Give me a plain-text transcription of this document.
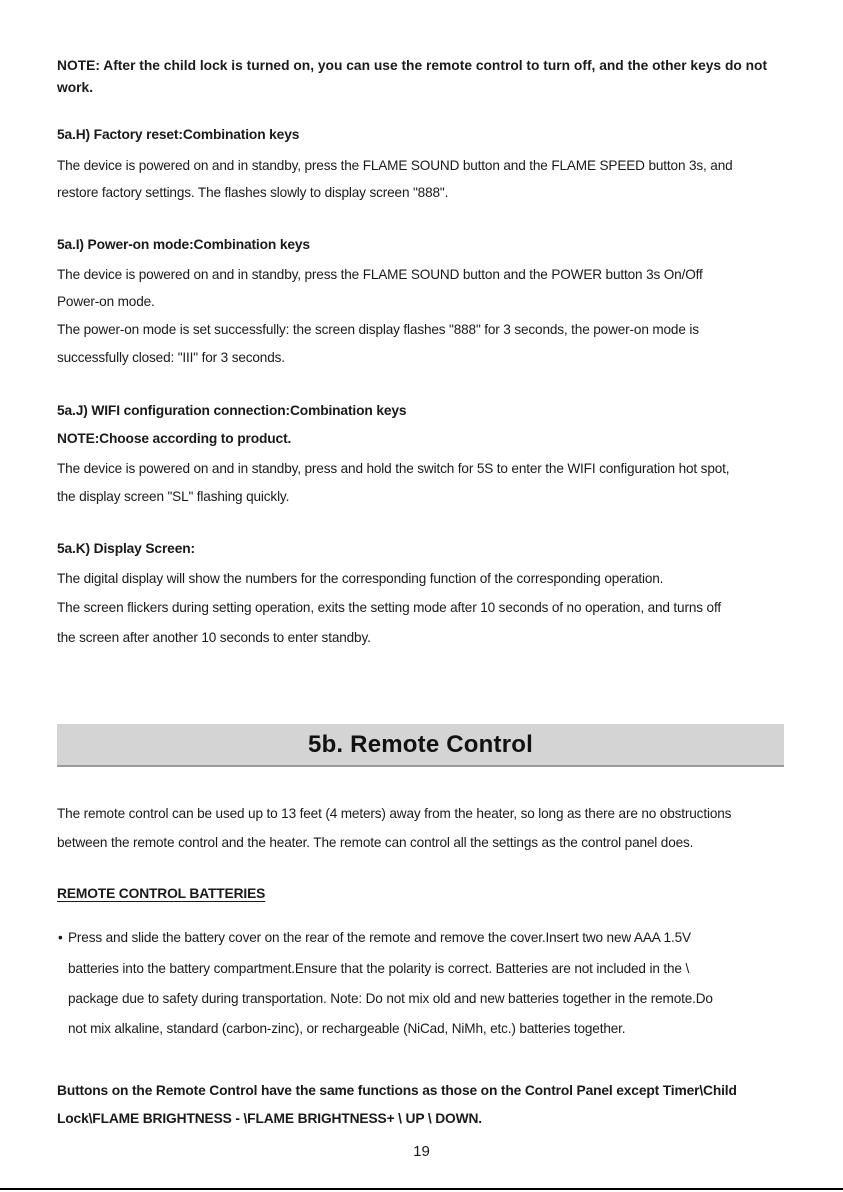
NOTE: After the child lock is turned on, you can use the remote control to turn off, and the other keys do not work.
5a.H) Factory reset:Combination keys
The device is powered on and in standby, press the FLAME SOUND button and the FLAME SPEED button 3s, and
restore factory settings. The flashes slowly to display screen "888".
5a.I) Power-on mode:Combination keys
The device is powered on and in standby, press the FLAME SOUND button and the POWER button 3s On/Off
Power-on mode.
The power-on mode is set successfully: the screen display flashes "888" for 3 seconds, the power-on mode is
successfully closed: "III" for 3 seconds.
5a.J) WIFI configuration connection:Combination keys
NOTE:Choose according to product.
The device is powered on and in standby, press and hold the switch for 5S to enter the WIFI configuration hot spot,
the display screen "SL" flashing quickly.
5a.K) Display Screen:
The digital display will show the numbers for the corresponding function of the corresponding operation.
The screen flickers during setting operation, exits the setting mode after 10 seconds of no operation, and turns off
the screen after another 10 seconds to enter standby.
5b. Remote Control
The remote control can be used up to 13 feet (4 meters) away from the heater, so long as there are no obstructions
between the remote control and the heater. The remote can control all the settings as the control panel does.
REMOTE CONTROL BATTERIES
• Press and slide the battery cover on the rear of the remote and remove the cover.Insert two new AAA 1.5V
batteries into the battery compartment.Ensure that the polarity is correct. Batteries are not included in the \
package due to safety during transportation. Note: Do not mix old and new batteries together in the remote.Do
not mix alkaline, standard (carbon-zinc), or rechargeable (NiCad, NiMh, etc.) batteries together.
Buttons on the Remote Control have the same functions as those on the Control Panel except Timer\Child
Lock\FLAME BRIGHTNESS - \FLAME BRIGHTNESS+ \ UP \ DOWN.
19
